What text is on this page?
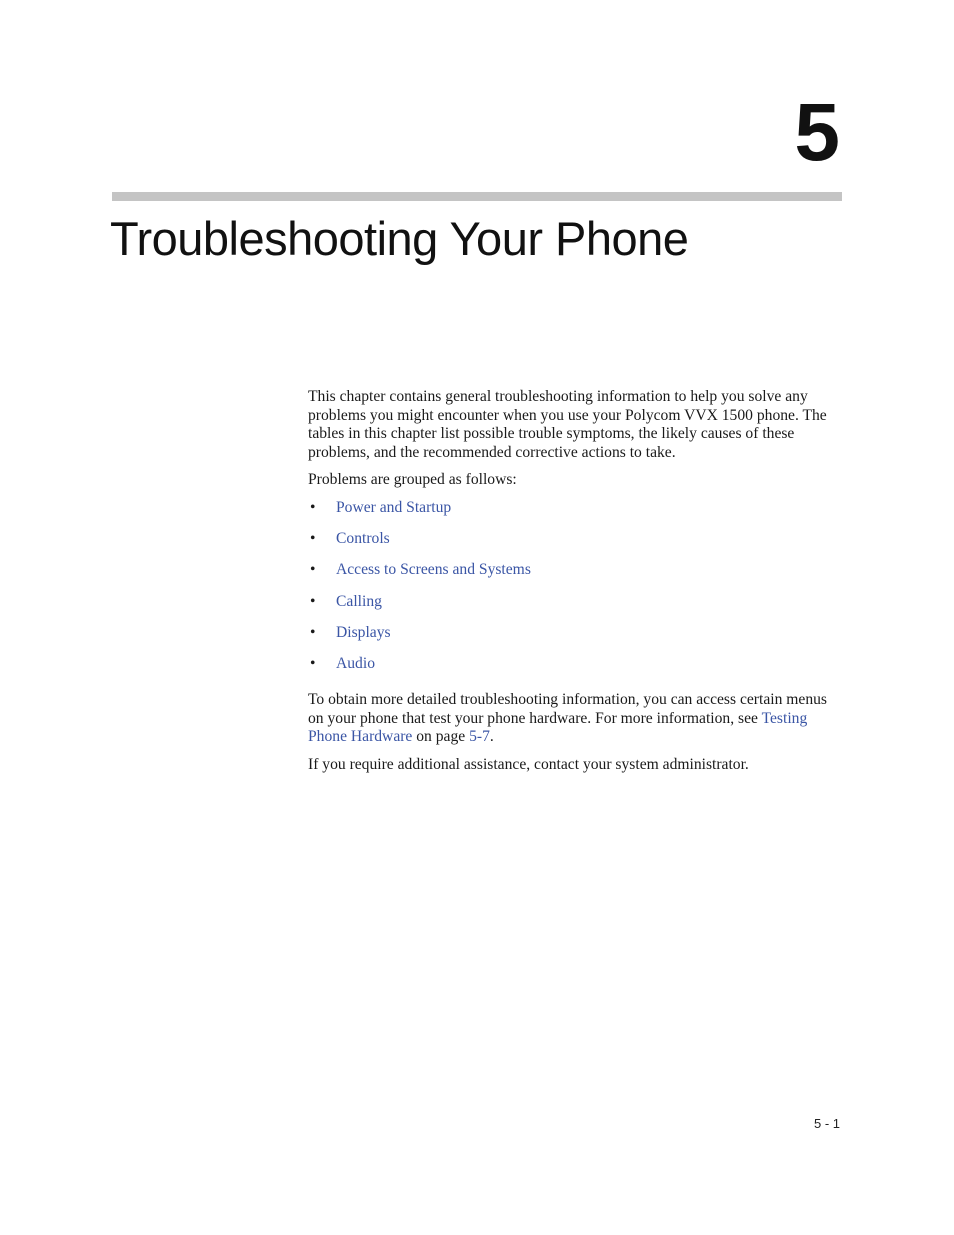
5
Troubleshooting Your Phone

This chapter contains general troubleshooting information to help you solve any problems you might encounter when you use your Polycom VVX 1500 phone. The tables in this chapter list possible trouble symptoms, the likely causes of these problems, and the recommended corrective actions to take.

Problems are grouped as follows:

• Power and Startup
• Controls
• Access to Screens and Systems
• Calling
• Displays
• Audio

To obtain more detailed troubleshooting information, you can access certain menus on your phone that test your phone hardware. For more information, see Testing Phone Hardware on page 5-7.

If you require additional assistance, contact your system administrator.

5 - 1
